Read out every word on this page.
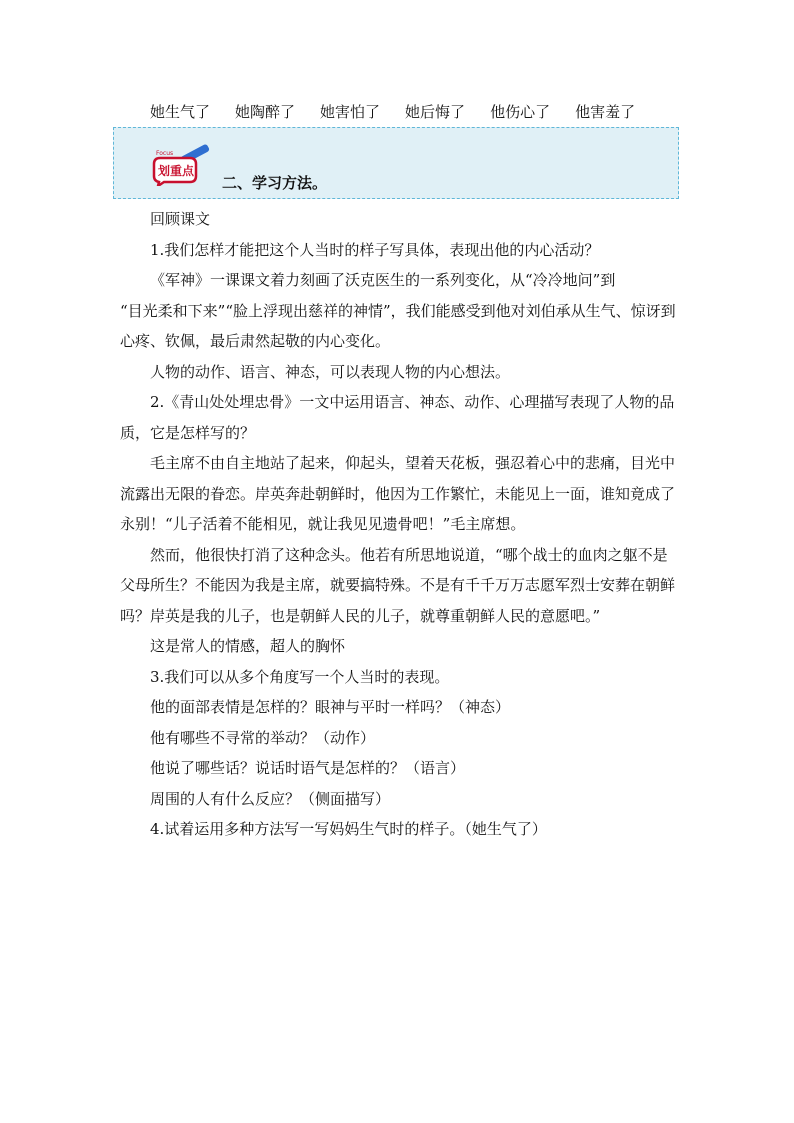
她生气了 她陶醉了 她害怕了 她后悔了 他伤心了 他害羞了
Focus
划重点
二、学习方法。

回顾课文

1.我们怎样才能把这个人当时的样子写具体，表现出他的内心活动？

《军神》一课课文着力刻画了沃克医生的一系列变化，从“冷冷地问”到

“目光柔和下来”“脸上浮现出慈祥的神情”，我们能感受到他对刘伯承从生气、惊讶到心疼、钦佩，最后肃然起敬的内心变化。

人物的动作、语言、神态，可以表现人物的内心想法。

2.《青山处处埋忠骨》一文中运用语言、神态、动作、心理描写表现了人物的品质，它是怎样写的？

毛主席不由自主地站了起来，仰起头，望着天花板，强忍着心中的悲痛，目光中流露出无限的眷恋。岸英奔赴朝鲜时，他因为工作繁忙，未能见上一面，谁知竟成了永别！“儿子活着不能相见，就让我见见遗骨吧！”毛主席想。

然而，他很快打消了这种念头。他若有所思地说道，“哪个战士的血肉之躯不是父母所生？不能因为我是主席，就要搞特殊。不是有千千万万志愿军烈士安葬在朝鲜吗？岸英是我的儿子，也是朝鲜人民的儿子，就尊重朝鲜人民的意愿吧。”

这是常人的情感，超人的胸怀

3.我们可以从多个角度写一个人当时的表现。

他的面部表情是怎样的？眼神与平时一样吗？（神态）

他有哪些不寻常的举动？（动作）

他说了哪些话？说话时语气是怎样的？（语言）

周围的人有什么反应？（侧面描写）

4.试着运用多种方法写一写妈妈生气时的样子。（她生气了）
